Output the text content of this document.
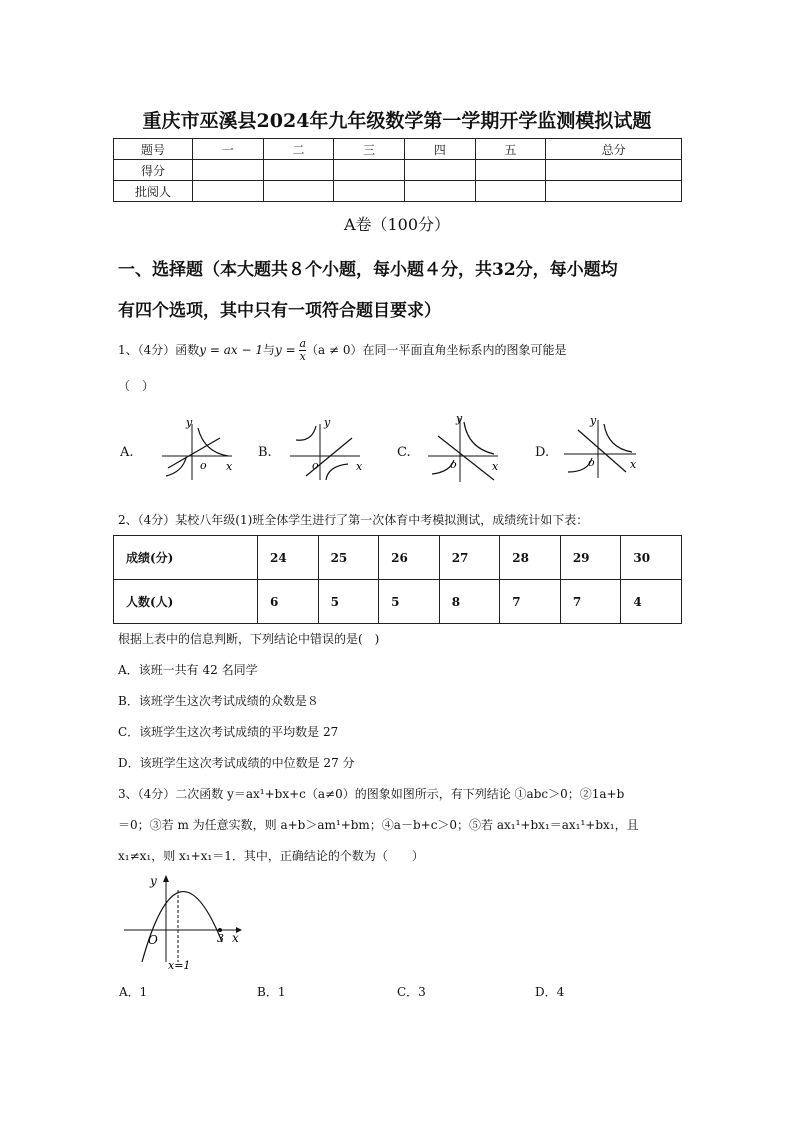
重庆市巫溪县2024年九年级数学第一学期开学监测模拟试题
题号	一	二	三	四	五	总分
得分						
批阅人						
A卷（100分）
一、选择题（本大题共８个小题，每小题４分，共32分，每小题均
有四个选项，其中只有一项符合题目要求）
1、（4分）函数y = ax − 1与$y = \frac{a}{x} (a \ne 0)$在同一平面直角坐标系内的图象可能是
（　）
A.
y
o x
B.
y
o	x
C.
y
o	x
D.
y
o	x
2、（4分）某校八年级(1)班全体学生进行了第一次体育中考模拟测试，成绩统计如下表：
成绩(分)	24	25	26	27	28	29	30
人数(人)	6	5	5	8	7	7	4
根据上表中的信息判断，下列结论中错误的是(　)
A．该班一共有 42 名同学
B．该班学生这次考试成绩的众数是８
C．该班学生这次考试成绩的平均数是 27
D．该班学生这次考试成绩的中位数是 27 分
3、（4分）二次函数 y＝ax¹+bx+c（a≠0）的图象如图所示，有下列结论 ①abc＞0；②1a+b
＝0；③若 m 为任意实数，则 a+b＞am¹+bm；④a－b+c＞0；⑤若 ax₁¹+bx₁＝ax₁¹+bx₁，且
x₁≠x₁，则 x₁+x₁＝1．其中，正确结论的个数为（　　）
y
x
O	3
x=1
A．1	B．1	C．3	D．4
